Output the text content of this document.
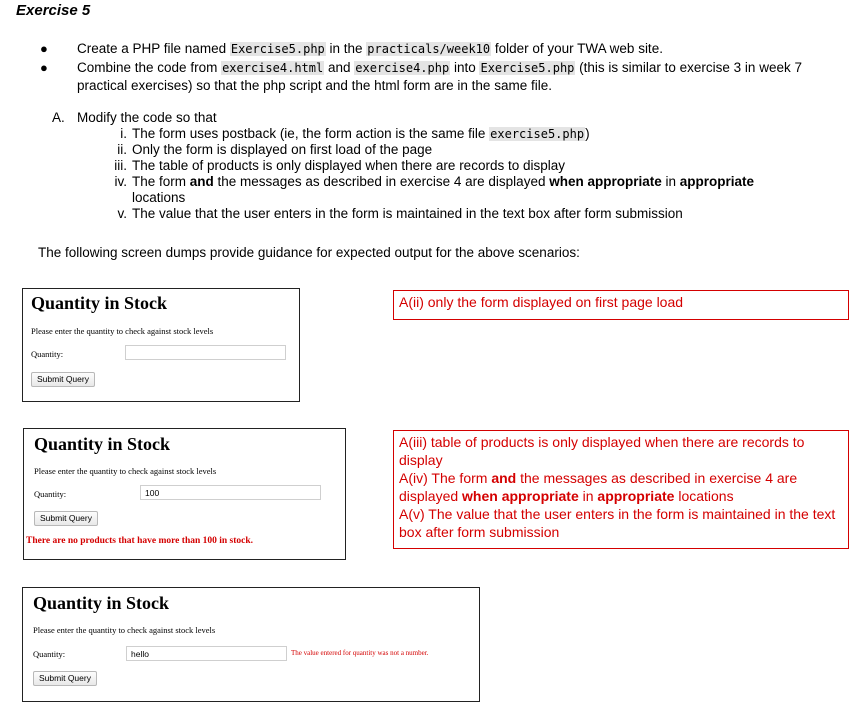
Exercise 5
● Create a PHP file named Exercise5.php in the practicals/week10 folder of your TWA web site.
● Combine the code from exercise4.html and exercise4.php into Exercise5.php (this is similar to exercise 3 in week 7
practical exercises) so that the php script and the html form are in the same file.
A. Modify the code so that
i. The form uses postback (ie, the form action is the same file exercise5.php)
ii. Only the form is displayed on first load of the page
iii. The table of products is only displayed when there are records to display
iv. The form and the messages as described in exercise 4 are displayed when appropriate in appropriate
locations
v. The value that the user enters in the form is maintained in the text box after form submission
The following screen dumps provide guidance for expected output for the above scenarios:
Quantity in Stock
Please enter the quantity to check against stock levels
Quantity:
Submit Query
Quantity in Stock
Please enter the quantity to check against stock levels
Quantity:	100
Submit Query
There are no products that have more than 100 in stock.
Quantity in Stock
Please enter the quantity to check against stock levels
Quantity:	hello	The value entered for quantity was not a number.
Submit Query
A(ii) only the form displayed on first page load
A(iii) table of products is only displayed when there are records to display
A(iv) The form and the messages as described in exercise 4 are displayed when appropriate in appropriate locations
A(v) The value that the user enters in the form is maintained in the text box after form submission
